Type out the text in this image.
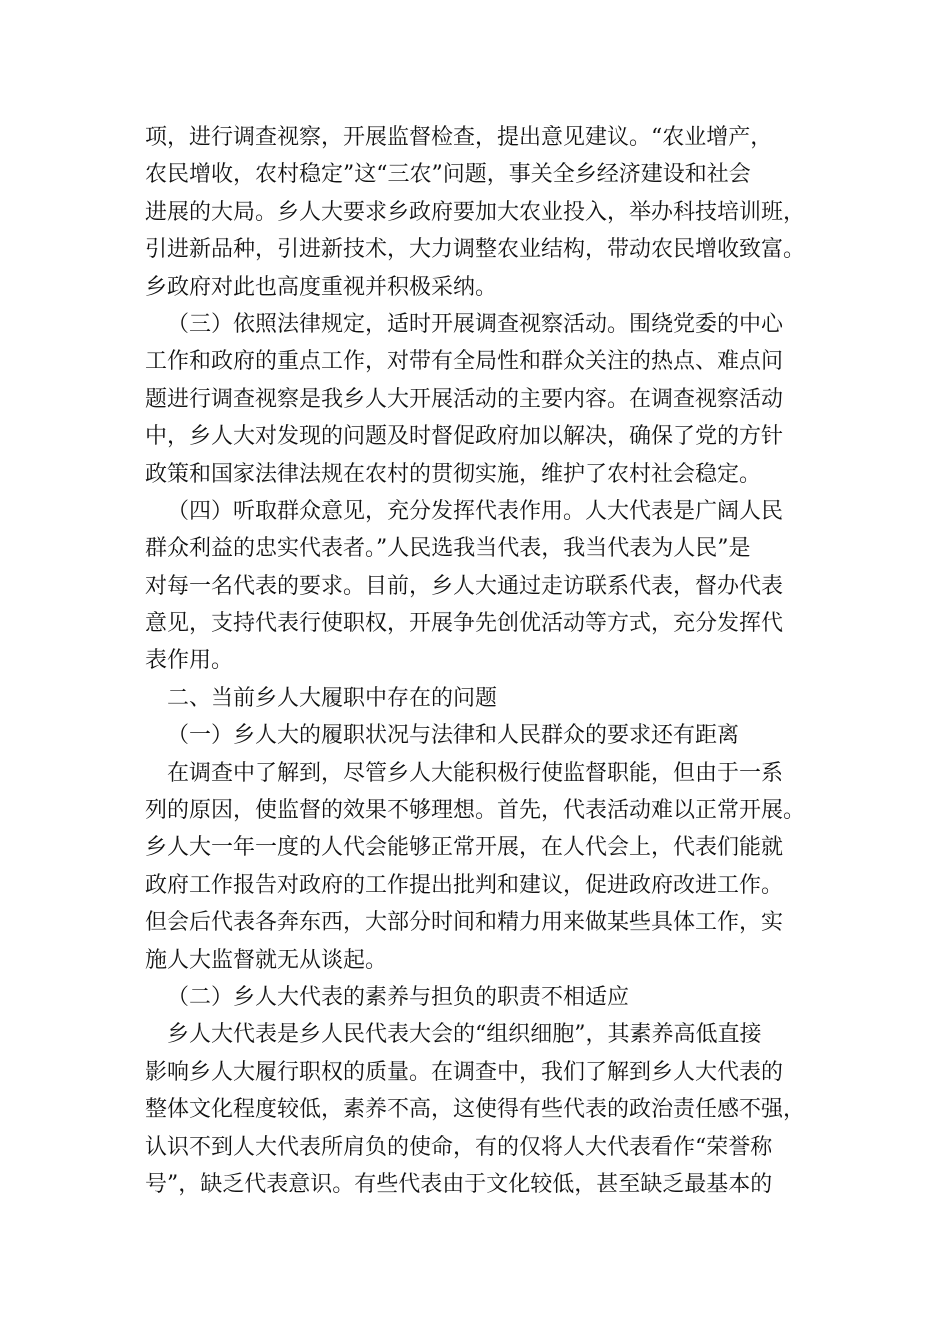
项，进行调查视察，开展监督检查，提出意见建议。“农业增产，
农民增收，农村稳定”这“三农”问题，事关全乡经济建设和社会
进展的大局。乡人大要求乡政府要加大农业投入，举办科技培训班，
引进新品种，引进新技术，大力调整农业结构，带动农民增收致富。
乡政府对此也高度重视并积极采纳。
（三）依照法律规定，适时开展调查视察活动。围绕党委的中心
工作和政府的重点工作，对带有全局性和群众关注的热点、难点问
题进行调查视察是我乡人大开展活动的主要内容。在调查视察活动
中，乡人大对发现的问题及时督促政府加以解决，确保了党的方针
政策和国家法律法规在农村的贯彻实施，维护了农村社会稳定。
（四）听取群众意见，充分发挥代表作用。人大代表是广阔人民
群众利益的忠实代表者。”人民选我当代表，我当代表为人民”是
对每一名代表的要求。目前，乡人大通过走访联系代表，督办代表
意见，支持代表行使职权，开展争先创优活动等方式，充分发挥代
表作用。
二、当前乡人大履职中存在的问题
（一）乡人大的履职状况与法律和人民群众的要求还有距离
在调查中了解到，尽管乡人大能积极行使监督职能，但由于一系
列的原因，使监督的效果不够理想。首先，代表活动难以正常开展。
乡人大一年一度的人代会能够正常开展，在人代会上，代表们能就
政府工作报告对政府的工作提出批判和建议，促进政府改进工作。
但会后代表各奔东西，大部分时间和精力用来做某些具体工作，实
施人大监督就无从谈起。
（二）乡人大代表的素养与担负的职责不相适应
乡人大代表是乡人民代表大会的“组织细胞”，其素养高低直接
影响乡人大履行职权的质量。在调查中，我们了解到乡人大代表的
整体文化程度较低，素养不高，这使得有些代表的政治责任感不强，
认识不到人大代表所肩负的使命，有的仅将人大代表看作“荣誉称
号”，缺乏代表意识。有些代表由于文化较低，甚至缺乏最基本的
